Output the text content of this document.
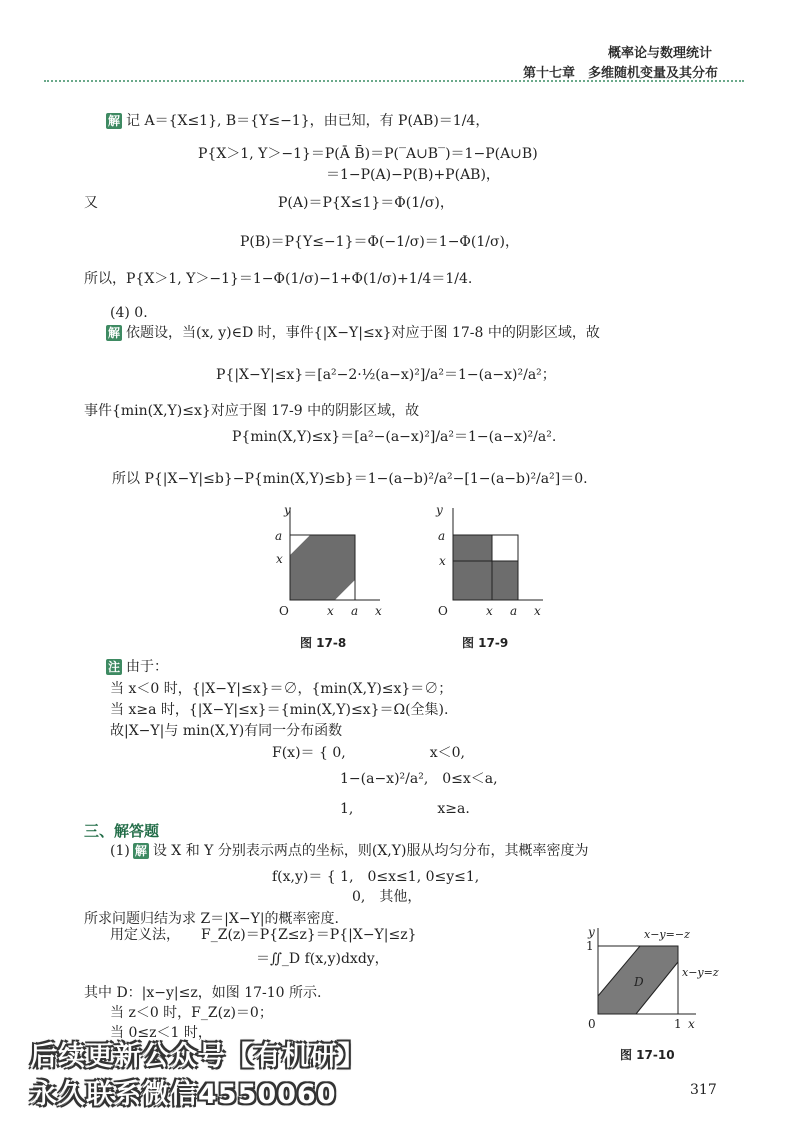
概率论与数理统计
第十七章　多维随机变量及其分布
解 记 A＝{X≤1}, B＝{Y≤−1}，由已知，有 P(AB)＝1/4，
P{X＞1, Y＞−1}＝P(Ā B̄)＝P(‾A∪B‾)＝1−P(A∪B)
＝1−P(A)−P(B)+P(AB)，
又	P(A)＝P{X≤1}＝Φ(1/σ)，
P(B)＝P{Y≤−1}＝Φ(−1/σ)＝1−Φ(1/σ)，
所以，P{X＞1, Y＞−1}＝1−Φ(1/σ)−1+Φ(1/σ)+1/4＝1/4.
(4) 0.
解 依题设，当(x, y)∈D 时，事件{|X−Y|≤x}对应于图 17-8 中的阴影区域，故
P{|X−Y|≤x}＝[a²−2·½(a−x)²]/a²＝1−(a−x)²/a²；
事件{min(X,Y)≤x}对应于图 17-9 中的阴影区域，故
P{min(X,Y)≤x}＝[a²−(a−x)²]/a²＝1−(a−x)²/a².
所以 P{|X−Y|≤b}−P{min(X,Y)≤b}＝1−(a−b)²/a²−[1−(a−b)²/a²]＝0.
y
a
x
O	x a x
图 17-8
y
a
x
O	x a x
图 17-9
注 由于：
当 x＜0 时，{|X−Y|≤x}＝∅，{min(X,Y)≤x}＝∅；
当 x≥a 时，{|X−Y|≤x}＝{min(X,Y)≤x}＝Ω(全集).
故|X−Y|与 min(X,Y)有同一分布函数
F(x)＝ { 0,　　　　　　x＜0,
1−(a−x)²/a²,　0≤x＜a,
1,　　　　　　x≥a.
三、解答题
(1) 解 设 X 和 Y 分别表示两点的坐标，则(X,Y)服从均匀分布，其概率密度为
f(x,y)＝ { 1,　0≤x≤1, 0≤y≤1,
0,　其他，
所求问题归结为求 Z＝|X−Y|的概率密度.
用定义法，　　F_Z(z)＝P{Z≤z}＝P{|X−Y|≤z}
＝∬_D f(x,y)dxdy，
其中 D：|x−y|≤z，如图 17-10 所示.
当 z＜0 时，F_Z(z)＝0；
当 0≤z＜1 时，
y
1
0	1 x
D
x−y=−z
x−y=z
图 17-10
后续更新公众号【有机研】
永久联系微信4550060	317
